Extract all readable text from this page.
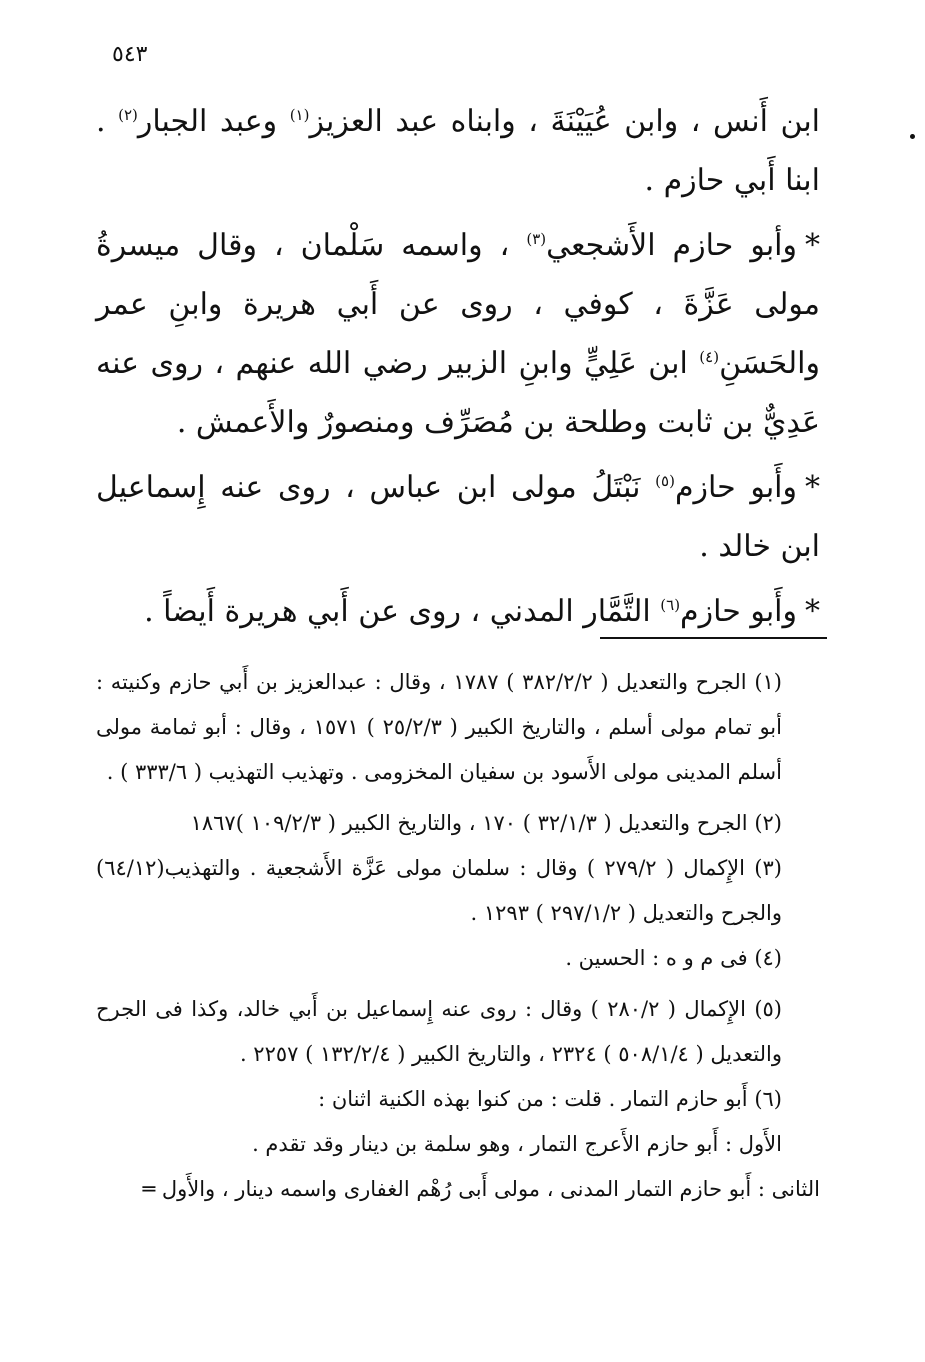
٥٤٣

ابن أَنس ، وابن عُيَيْنَةَ ، وابناه عبد العزيز$^{(١)}$ وعبد الجبار$^{(٢)}$ . ابنا أَبي حازم .

*وأبو حازم الأَشجعي$^{(٣)}$ ، واسمه سَلْمان ، وقال ميسرةُ مولى عَزَّةَ ، كوفي ، روى عن أَبي هريرة وابنِ عمر والحَسَنِ$^{(٤)}$ ابن عَلِيٍّ وابنِ الزبير رضي الله عنهم ، روى عنه عَدِيٌّ بن ثابت وطلحة بن مُصَرِّف ومنصورٌ والأَعمش .

*وأَبو حازم$^{(٥)}$ نَبْتَلُ مولى ابن عباس ، روى عنه إِسماعيل ابن خالد .

*وأَبو حازم$^{(٦)}$ التَّمَّار المدني ، روى عن أَبي هريرة أَيضاً .

(١) الجرح والتعديل ( ٣٨٢/٢/٢ ) ١٧٨٧ ، وقال : عبدالعزيز بن أَبي حازم وكنيته : أبو تمام مولى أسلم ، والتاريخ الكبير ( ٢٥/٢/٣ ) ١٥٧١ ، وقال : أبو ثمامة مولى أسلم المدينى مولى الأَسود بن سفيان المخزومى . وتهذيب التهذيب ( ٣٣٣/٦ ) .

(٢) الجرح والتعديل ( ٣٢/١/٣ ) ١٧٠ ، والتاريخ الكبير ( ١٠٩/٢/٣ )١٨٦٧

(٣) الإِكمال ( ٢٧٩/٢ ) وقال : سلمان مولى عَزَّة الأَشجعية . والتهذيب(٦٤/١٢) والجرح والتعديل ( ٢٩٧/١/٢ ) ١٢٩٣ .

(٤) فى م و ه : الحسين .

(٥) الإِكمال ( ٢٨٠/٢ ) وقال : روى عنه إِسماعيل بن أَبي خالد، وكذا فى الجرح والتعديل ( ٥٠٨/١/٤ ) ٢٣٢٤ ، والتاريخ الكبير ( ١٣٢/٢/٤ ) ٢٢٥٧ .

(٦) أَبو حازم التمار . قلت : من كنوا بهذه الكنية اثنان :

الأَول : أَبو حازم الأَعرج التمار ، وهو سلمة بن دينار وقد تقدم .

الثانى : أَبو حازم التمار المدنى ، مولى أَبى رُهْم الغفارى واسمه دينار ، والأَول ═
